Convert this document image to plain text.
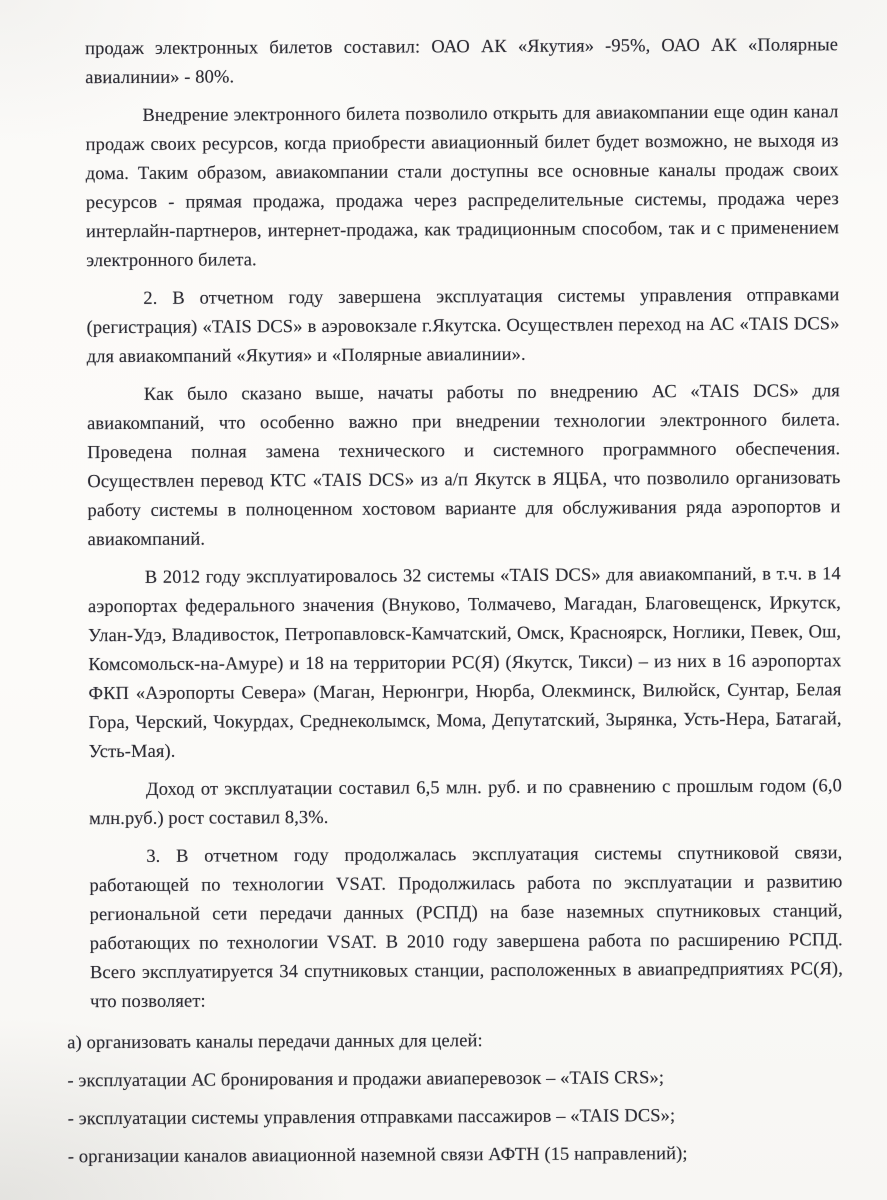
продаж электронных билетов составил: ОАО АК «Якутия» -95%, ОАО АК «Полярные
авиалинии» - 80%.

Внедрение электронного билета позволило открыть для авиакомпании еще один канал
продаж своих ресурсов, когда приобрести авиационный билет будет возможно, не выходя из
дома. Таким образом, авиакомпании стали доступны все основные каналы продаж своих
ресурсов - прямая продажа, продажа через распределительные системы, продажа через
интерлайн-партнеров, интернет-продажа, как традиционным способом, так и с применением
электронного билета.

2. В отчетном году завершена эксплуатация системы управления отправками
(регистрация) «TAIS DCS» в аэровокзале г.Якутска. Осуществлен переход на АС «TAIS DCS»
для авиакомпаний «Якутия» и «Полярные авиалинии».

Как было сказано выше, начаты работы по внедрению АС «TAIS DCS» для
авиакомпаний, что особенно важно при внедрении технологии электронного билета.
Проведена полная замена технического и системного программного обеспечения.
Осуществлен перевод КТС «TAIS DCS» из а/п Якутск в ЯЦБА, что позволило организовать
работу системы в полноценном хостовом варианте для обслуживания ряда аэропортов и
авиакомпаний.

В 2012 году эксплуатировалось 32 системы «TAIS DCS» для авиакомпаний, в т.ч. в 14
аэропортах федерального значения (Внуково, Толмачево, Магадан, Благовещенск, Иркутск,
Улан-Удэ, Владивосток, Петропавловск-Камчатский, Омск, Красноярск, Ноглики, Певек, Ош,
Комсомольск-на-Амуре) и 18 на территории РС(Я) (Якутск, Тикси) – из них в 16 аэропортах
ФКП «Аэропорты Севера» (Маган, Нерюнгри, Нюрба, Олекминск, Вилюйск, Сунтар, Белая
Гора, Черский, Чокурдах, Среднеколымск, Мома, Депутатский, Зырянка, Усть-Нера, Батагай,
Усть-Мая).

Доход от эксплуатации составил 6,5 млн. руб. и по сравнению с прошлым годом (6,0
млн.руб.) рост составил 8,3%.

3. В отчетном году продолжалась эксплуатация системы спутниковой связи,
работающей по технологии VSAT. Продолжилась работа по эксплуатации и развитию
региональной сети передачи данных (РСПД) на базе наземных спутниковых станций,
работающих по технологии VSAT. В 2010 году завершена работа по расширению РСПД.
Всего эксплуатируется 34 спутниковых станции, расположенных в авиапредприятиях РС(Я),
что позволяет:

а) организовать каналы передачи данных для целей:

- эксплуатации АС бронирования и продажи авиаперевозок – «TAIS CRS»;

- эксплуатации системы управления отправками пассажиров – «TAIS DCS»;

- организации каналов авиационной наземной связи АФТН (15 направлений);
